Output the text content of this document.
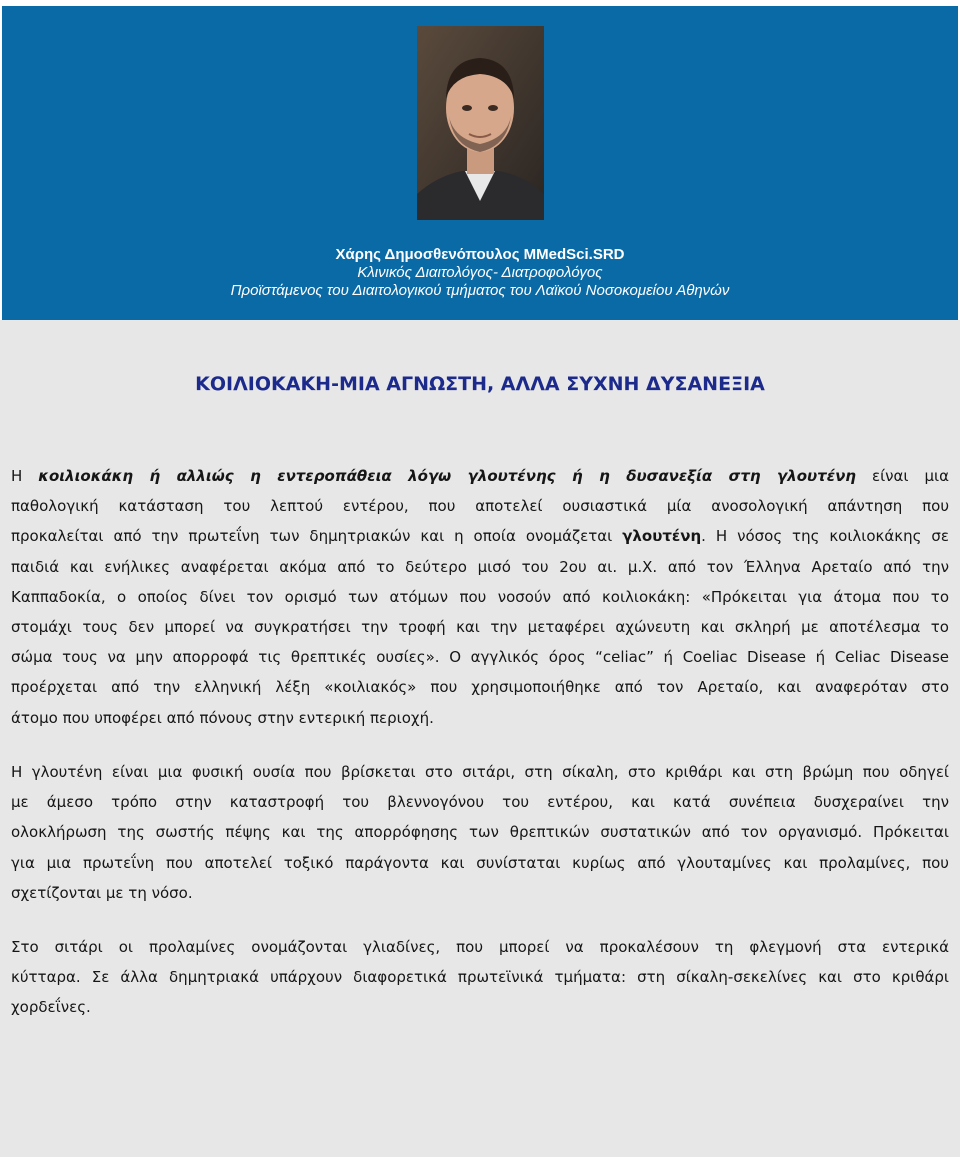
Χάρης Δημοσθενόπουλος MMedSci.SRD

Κλινικός Διαιτολόγος- Διατροφολόγος

Προϊστάμενος του Διαιτολογικού τμήματος του Λαϊκού Νοσοκομείου Αθηνών

ΚΟΙΛΙΟΚΑΚΗ-ΜΙΑ ΑΓΝΩΣΤΗ, ΑΛΛΑ ΣΥΧΝΗ ΔΥΣΑΝΕΞΙΑ
Η κοιλιοκάκη ή αλλιώς η εντεροπάθεια λόγω γλουτένης ή η δυσανεξία στη γλουτένη είναι μια
παθολογική κατάσταση του λεπτού εντέρου, που αποτελεί ουσιαστικά μία ανοσολογική απάντηση που
προκαλείται από την πρωτεΐνη των δημητριακών και η οποία ονομάζεται γλουτένη. Η νόσος της κοιλιοκάκης σε
παιδιά και ενήλικες αναφέρεται ακόμα από το δεύτερο μισό του 2ου αι. μ.Χ. από τον Έλληνα Αρεταίο από την
Καππαδοκία, ο οποίος δίνει τον ορισμό των ατόμων που νοσούν από κοιλιοκάκη: «Πρόκειται για άτομα που το
στομάχι τους δεν μπορεί να συγκρατήσει την τροφή και την μεταφέρει αχώνευτη και σκληρή με αποτέλεσμα το
σώμα τους να μην απορροφά τις θρεπτικές ουσίες». Ο αγγλικός όρος “celiac” ή Coeliac Disease ή Celiac Disease
προέρχεται από την ελληνική λέξη «κοιλιακός» που χρησιμοποιήθηκε από τον Αρεταίο, και αναφερόταν στο
άτομο που υποφέρει από πόνους στην εντερική περιοχή.
Η γλουτένη είναι μια φυσική ουσία που βρίσκεται στο σιτάρι, στη σίκαλη, στο κριθάρι και στη βρώμη που οδηγεί
με άμεσο τρόπο στην καταστροφή του βλεννογόνου του εντέρου, και κατά συνέπεια δυσχεραίνει την
ολοκλήρωση της σωστής πέψης και της απορρόφησης των θρεπτικών συστατικών από τον οργανισμό. Πρόκειται
για μια πρωτεΐνη που αποτελεί τοξικό παράγοντα και συνίσταται κυρίως από γλουταμίνες και προλαμίνες, που
σχετίζονται με τη νόσο.
Στο σιτάρι οι προλαμίνες ονομάζονται γλιαδίνες, που μπορεί να προκαλέσουν τη φλεγμονή στα εντερικά
κύτταρα. Σε άλλα δημητριακά υπάρχουν διαφορετικά πρωτεϊνικά τμήματα: στη σίκαλη-σεκελίνες και στο κριθάρι
χορδεΐνες.
